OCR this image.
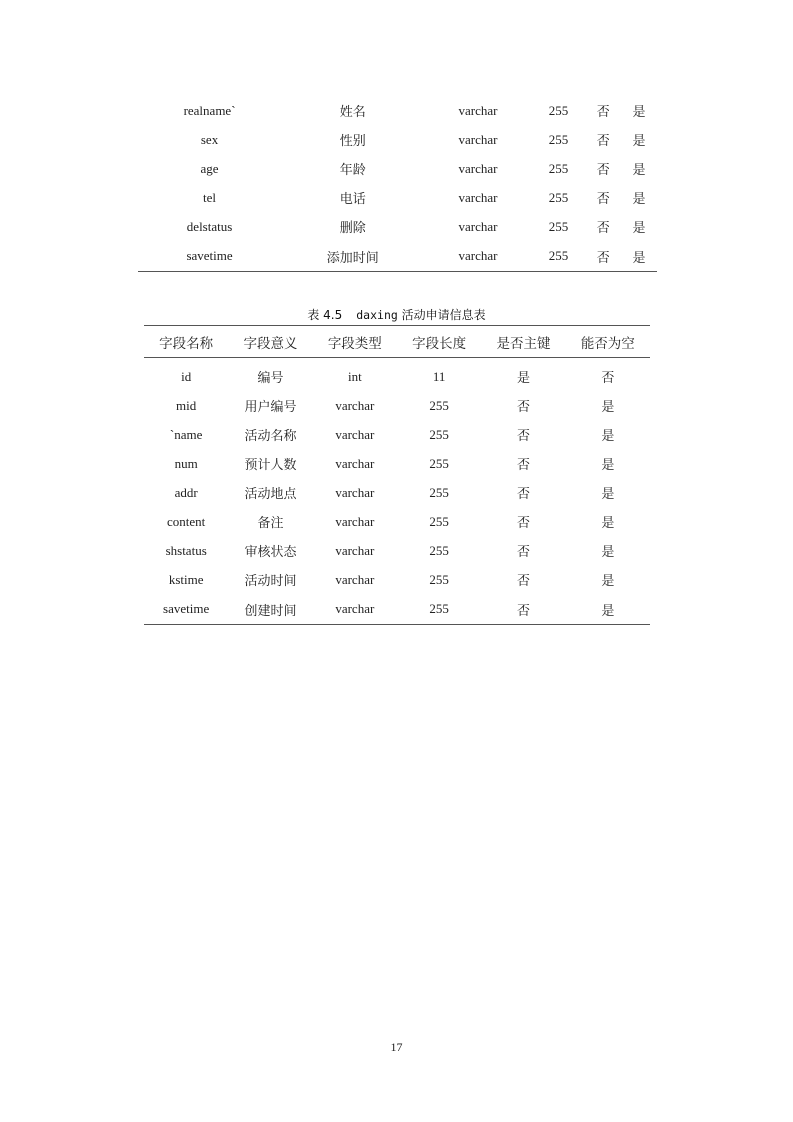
realname`	姓名	varchar	255	否	是
sex	性别	varchar	255	否	是
age	年龄	varchar	255	否	是
tel	电话	varchar	255	否	是
delstatus	删除	varchar	255	否	是
savetime	添加时间	varchar	255	否	是
表 4.5 daxing 活动申请信息表
字段名称	字段意义	字段类型	字段长度	是否主键	能否为空
id	编号	int	11	是	否
mid	用户编号	varchar	255	否	是
`name	活动名称	varchar	255	否	是
num	预计人数	varchar	255	否	是
addr	活动地点	varchar	255	否	是
content	备注	varchar	255	否	是
shstatus	审核状态	varchar	255	否	是
kstime	活动时间	varchar	255	否	是
savetime	创建时间	varchar	255	否	是
17
